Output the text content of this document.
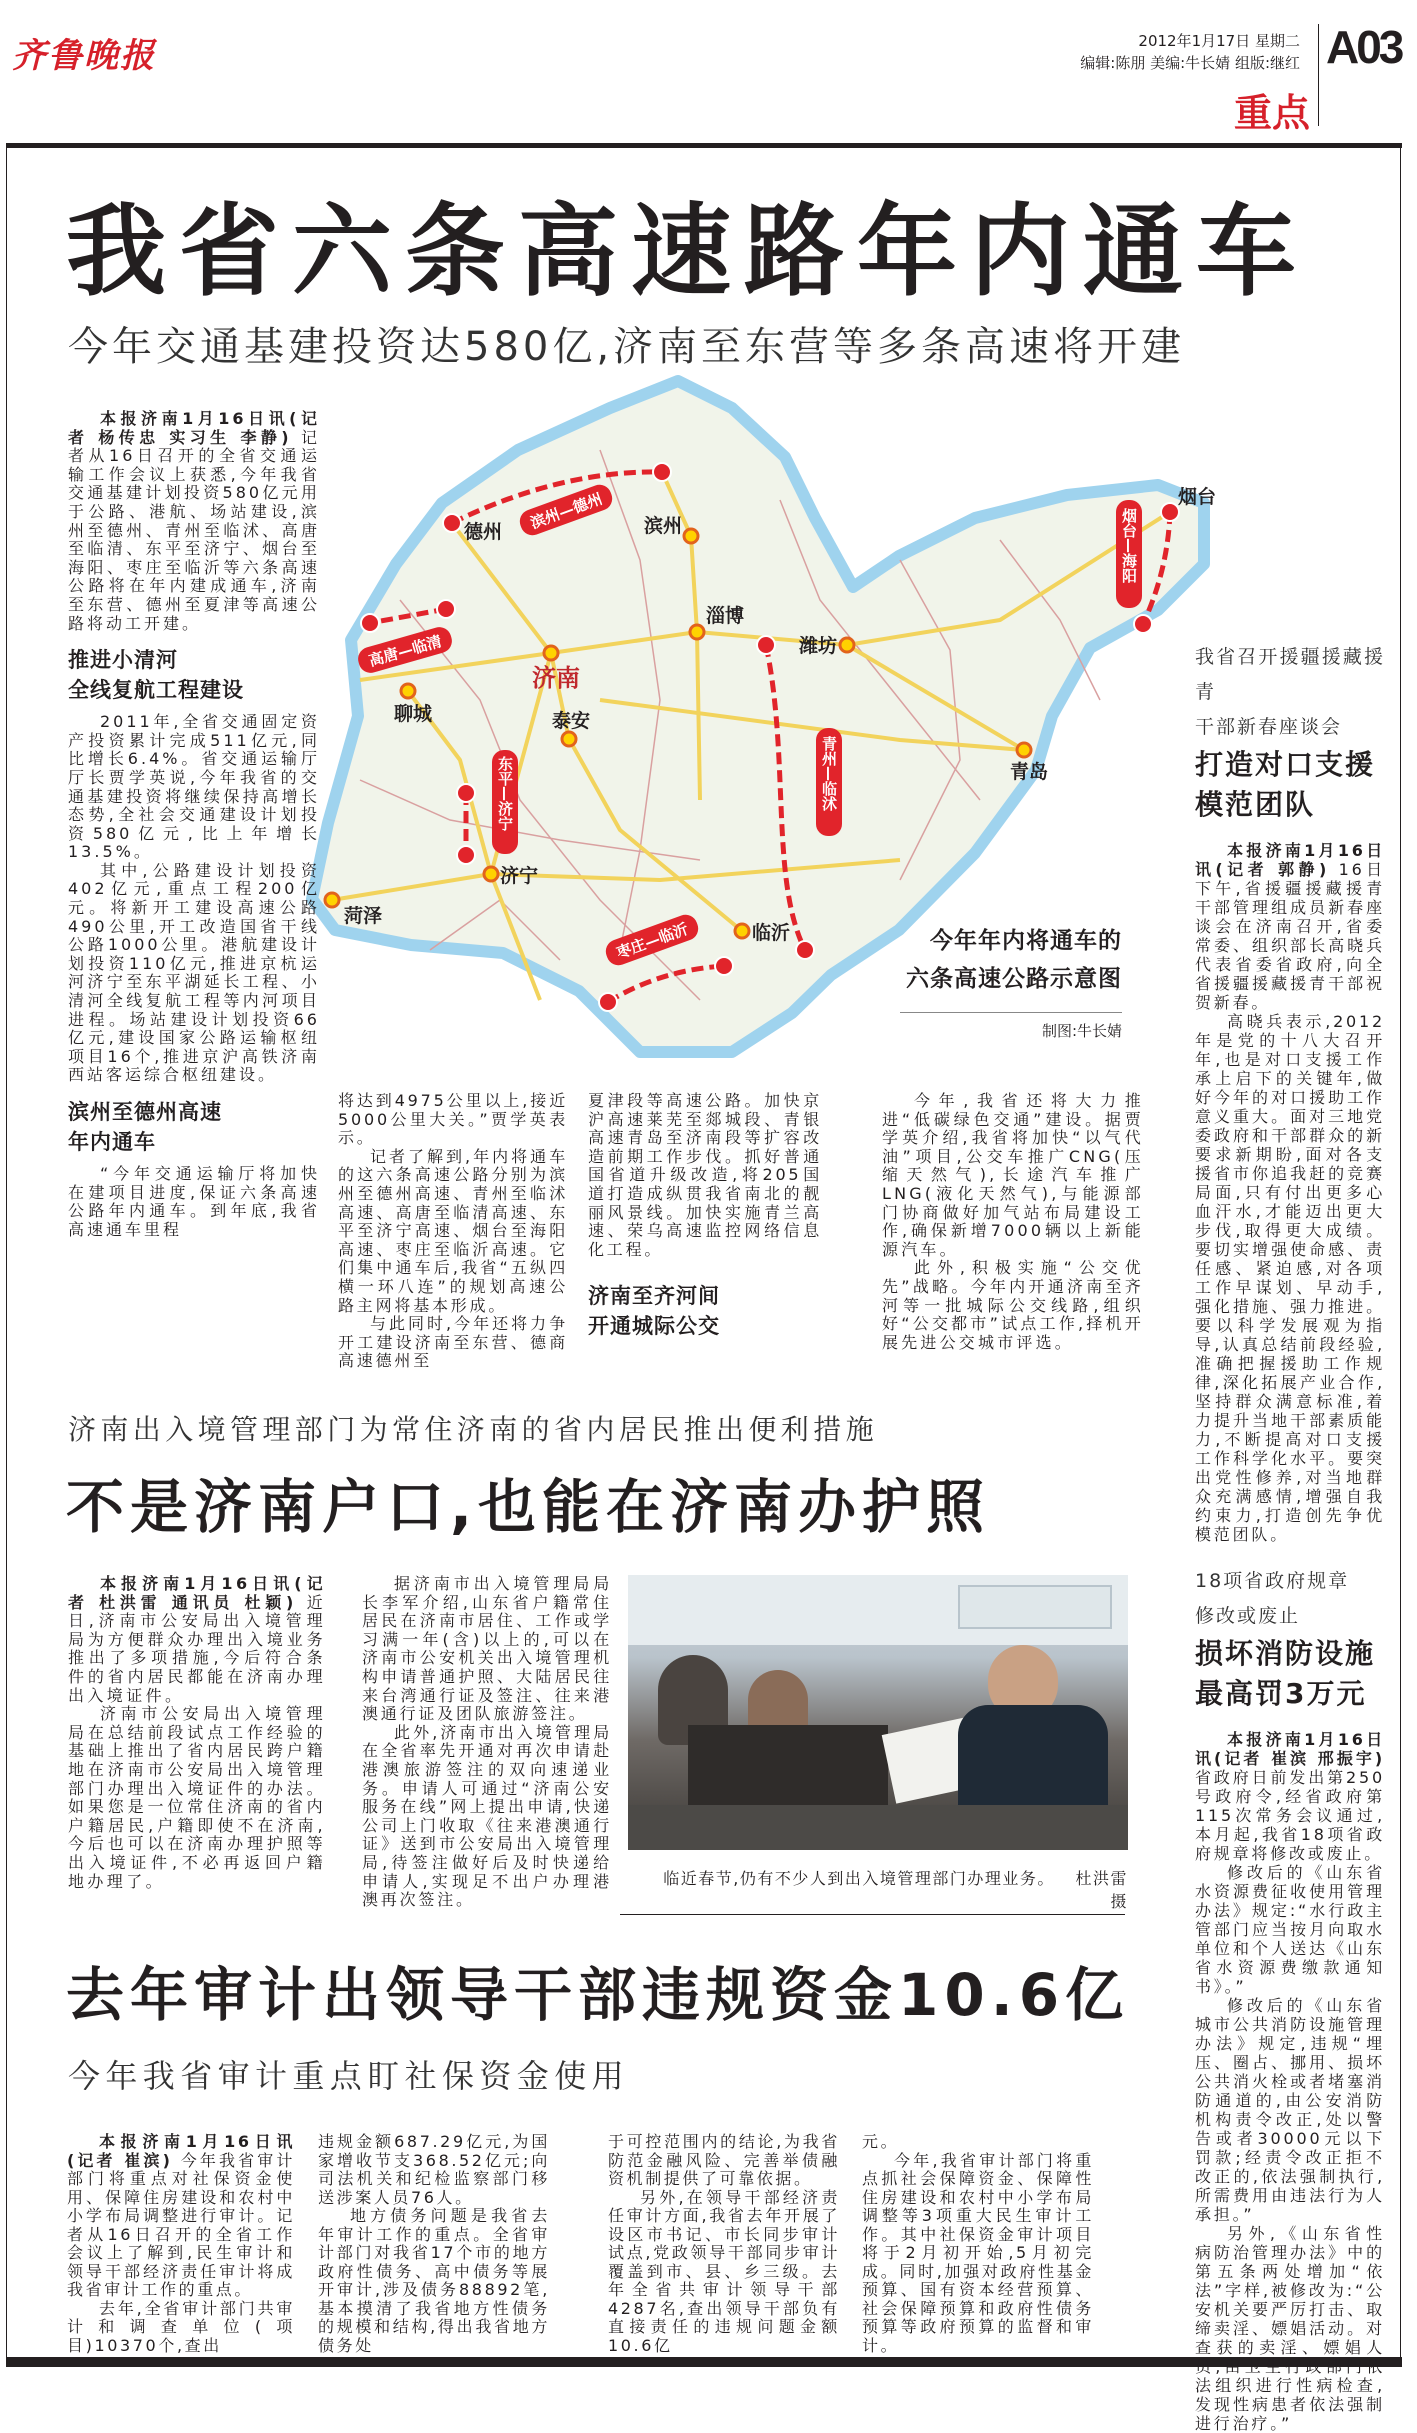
齐鲁晚报	2012年1月17日 星期二
编辑:陈朋 美编:牛长婧 组版:继红 A03
重点
我省六条高速路年内通车
今年交通基建投资达580亿,济南至东营等多条高速将开建
德州	滨州
淄博
济南
潍坊
烟台
青岛
泰安
聊城
济宁
菏泽
临沂
滨州—德州
高唐—临清
枣庄—临沂
烟台—海阳
东平—济宁	青州—临沭
今年年内将通车的
六条高速公路示意图
制图:牛长婧

本报济南1月16日讯(记者 杨传忠 实习生 李静) 记者从16日召开的全省交通运输工作会议上获悉,今年我省交通基建计划投资580亿元用于公路、港航、场站建设,滨州至德州、青州至临沭、高唐至临清、东平至济宁、烟台至海阳、枣庄至临沂等六条高速公路将在年内建成通车,济南至东营、德州至夏津等高速公路将动工开建。

推进小清河
全线复航工程建设

2011年,全省交通固定资产投资累计完成511亿元,同比增长6.4%。省交通运输厅厅长贾学英说,今年我省的交通基建投资将继续保持高增长态势,全社会交通建设计划投资580亿元,比上年增长13.5%。

其中,公路建设计划投资402亿元,重点工程200亿元。将新开工建设高速公路490公里,开工改造国省干线公路1000公里。港航建设计划投资110亿元,推进京杭运河济宁至东平湖延长工程、小清河全线复航工程等内河项目进程。场站建设计划投资66亿元,建设国家公路运输枢纽项目16个,推进京沪高铁济南西站客运综合枢纽建设。

滨州至德州高速
年内通车

“今年交通运输厅将加快在建项目进度,保证六条高速公路年内通车。到年底,我省高速通车里程

将达到4975公里以上,接近5000公里大关。”贾学英表示。

记者了解到,年内将通车的这六条高速公路分别为滨州至德州高速、青州至临沭高速、高唐至临清高速、东平至济宁高速、烟台至海阳高速、枣庄至临沂高速。它们集中通车后,我省“五纵四横一环八连”的规划高速公路主网将基本形成。

与此同时,今年还将力争开工建设济南至东营、德商高速德州至

夏津段等高速公路。加快京沪高速莱芜至郯城段、青银高速青岛至济南段等扩容改造前期工作步伐。抓好普通国省道升级改造,将205国道打造成纵贯我省南北的靓丽风景线。加快实施青兰高速、荣乌高速监控网络信息化工程。

济南至齐河间
开通城际公交

今年,我省还将大力推进“低碳绿色交通”建设。据贾学英介绍,我省将加快“以气代油”项目,公交车推广CNG(压缩天然气),长途汽车推广LNG(液化天然气),与能源部门协商做好加气站布局建设工作,确保新增7000辆以上新能源汽车。

此外,积极实施“公交优先”战略。今年内开通济南至齐河等一批城际公交线路,组织好“公交都市”试点工作,择机开展先进公交城市评选。

我省召开援疆援藏援青
干部新春座谈会
打造对口支援
模范团队

本报济南1月16日讯(记者 郭静) 16日下午,省援疆援藏援青干部管理组成员新春座谈会在济南召开,省委常委、组织部长高晓兵代表省委省政府,向全省援疆援藏援青干部祝贺新春。

高晓兵表示,2012年是党的十八大召开年,也是对口支援工作承上启下的关键年,做好今年的对口援助工作意义重大。面对三地党委政府和干部群众的新要求新期盼,面对各支援省市你追我赶的竞赛局面,只有付出更多心血汗水,才能迈出更大步伐,取得更大成绩。要切实增强使命感、责任感、紧迫感,对各项工作早谋划、早动手,强化措施、强力推进。要以科学发展观为指导,认真总结前段经验,准确把握援助工作规律,深化拓展产业合作,坚持群众满意标准,着力提升当地干部素质能力,不断提高对口支援工作科学化水平。要突出党性修养,对当地群众充满感情,增强自我约束力,打造创先争优模范团队。

18项省政府规章
修改或废止
损坏消防设施
最高罚3万元

本报济南1月16日讯(记者 崔滨 邢振宇) 省政府日前发出第250号政府令,经省政府第115次常务会议通过,本月起,我省18项省政府规章将修改或废止。

修改后的《山东省水资源费征收使用管理办法》规定:“水行政主管部门应当按月向取水单位和个人送达《山东省水资源费缴款通知书》。”

修改后的《山东省城市公共消防设施管理办法》规定,违规“埋压、圈占、挪用、损坏公共消火栓或者堵塞消防通道的,由公安消防机构责令改正,处以警告或者30000元以下罚款;经责令改正拒不改正的,依法强制执行,所需费用由违法行为人承担。”

另外,《山东省性病防治管理办法》中的第五条两处增加“依法”字样,被修改为:“公安机关要严厉打击、取缔卖淫、嫖娼活动。对查获的卖淫、嫖娼人员,由卫生行政部门依法组织进行性病检查,发现性病患者依法强制进行治疗。”

济南出入境管理部门为常住济南的省内居民推出便利措施
不是济南户口,也能在济南办护照

本报济南1月16日讯(记者 杜洪雷 通讯员 杜颖) 近日,济南市公安局出入境管理局为方便群众办理出入境业务推出了多项措施,今后符合条件的省内居民都能在济南办理出入境证件。

济南市公安局出入境管理局在总结前段试点工作经验的基础上推出了省内居民跨户籍地在济南市公安局出入境管理部门办理出入境证件的办法。如果您是一位常住济南的省内户籍居民,户籍即使不在济南,今后也可以在济南办理护照等出入境证件,不必再返回户籍地办理了。

据济南市出入境管理局局长李军介绍,山东省户籍常住居民在济南市居住、工作或学习满一年(含)以上的,可以在济南市公安机关出入境管理机构申请普通护照、大陆居民往来台湾通行证及签注、往来港澳通行证及团队旅游签注。

此外,济南市出入境管理局在全省率先开通对再次申请赴港澳旅游签注的双向速递业务。申请人可通过“济南公安服务在线”网上提出申请,快递公司上门收取《往来港澳通行证》送到市公安局出入境管理局,待签注做好后及时快递给申请人,实现足不出户办理港澳再次签注。

临近春节,仍有不少人到出入境管理部门办理业务。 杜洪雷 摄
去年审计出领导干部违规资金10.6亿
今年我省审计重点盯社保资金使用

本报济南1月16日讯(记者 崔滨) 今年我省审计部门将重点对社保资金使用、保障住房建设和农村中小学布局调整进行审计。记者从16日召开的全省工作会议上了解到,民生审计和领导干部经济责任审计将成我省审计工作的重点。

去年,全省审计部门共审计和调查单位(项目)10370个,查出

违规金额687.29亿元,为国家增收节支368.52亿元;向司法机关和纪检监察部门移送涉案人员76人。

地方债务问题是我省去年审计工作的重点。全省审计部门对我省17个市的地方政府性债务、高中债务等展开审计,涉及债务88892笔,基本摸清了我省地方性债务的规模和结构,得出我省地方债务处

于可控范围内的结论,为我省防范金融风险、完善举债融资机制提供了可靠依据。

另外,在领导干部经济责任审计方面,我省去年开展了设区市书记、市长同步审计试点,党政领导干部同步审计覆盖到市、县、乡三级。去年全省共审计领导干部4287名,查出领导干部负有直接责任的违规问题金额10.6亿

元。

今年,我省审计部门将重点抓社会保障资金、保障性住房建设和农村中小学布局调整等3项重大民生审计工作。其中社保资金审计项目将于2月初开始,5月初完成。同时,加强对政府性基金预算、国有资本经营预算、社会保障预算和政府性债务预算等政府预算的监督和审计。
